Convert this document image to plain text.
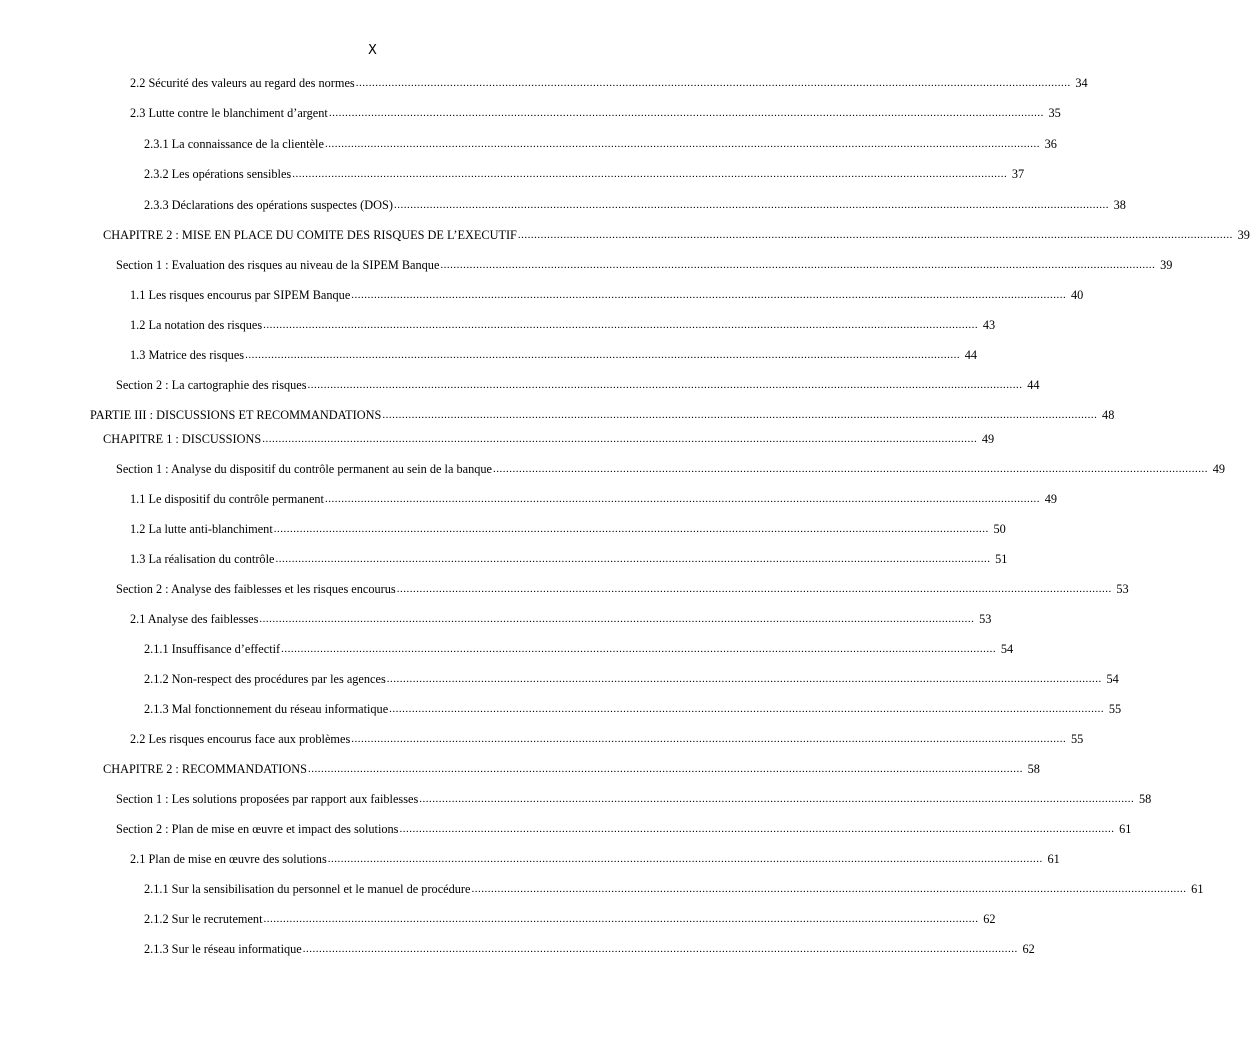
X
2.2 Sécurité des valeurs au regard des normes ............................................................................................................................................................................................................................ 34
2.3 Lutte contre le blanchiment d’argent ............................................................................................................................................................................................................................ 35
2.3.1 La connaissance de la clientèle ............................................................................................................................................................................................................................ 36
2.3.2 Les opérations sensibles ............................................................................................................................................................................................................................ 37
2.3.3 Déclarations des opérations suspectes (DOS) ............................................................................................................................................................................................................................ 38
CHAPITRE 2 : MISE EN PLACE DU COMITE DES RISQUES DE L’EXECUTIF ............................................................................................................................................................................................................................ 39
Section 1 : Evaluation des risques au niveau de la SIPEM Banque ............................................................................................................................................................................................................................ 39
1.1 Les risques encourus par SIPEM Banque ............................................................................................................................................................................................................................ 40
1.2 La notation des risques ............................................................................................................................................................................................................................ 43
1.3 Matrice des risques ............................................................................................................................................................................................................................ 44
Section 2 : La cartographie des risques ............................................................................................................................................................................................................................ 44
PARTIE III : DISCUSSIONS ET RECOMMANDATIONS ............................................................................................................................................................................................................................ 48
CHAPITRE 1 : DISCUSSIONS ............................................................................................................................................................................................................................ 49
Section 1 : Analyse du dispositif du contrôle permanent au sein de la banque ............................................................................................................................................................................................................................ 49
1.1 Le dispositif du contrôle permanent ............................................................................................................................................................................................................................ 49
1.2 La lutte anti-blanchiment ............................................................................................................................................................................................................................ 50
1.3 La réalisation du contrôle ............................................................................................................................................................................................................................ 51
Section 2 : Analyse des faiblesses et les risques encourus ............................................................................................................................................................................................................................ 53
2.1 Analyse des faiblesses ............................................................................................................................................................................................................................ 53
2.1.1 Insuffisance d’effectif ............................................................................................................................................................................................................................ 54
2.1.2 Non-respect des procédures par les agences ............................................................................................................................................................................................................................ 54
2.1.3 Mal fonctionnement du réseau informatique ............................................................................................................................................................................................................................ 55
2.2 Les risques encourus face aux problèmes ............................................................................................................................................................................................................................ 55
CHAPITRE 2 : RECOMMANDATIONS ............................................................................................................................................................................................................................ 58
Section 1 : Les solutions proposées par rapport aux faiblesses ............................................................................................................................................................................................................................ 58
Section 2 : Plan de mise en œuvre et impact des solutions ............................................................................................................................................................................................................................ 61
2.1 Plan de mise en œuvre des solutions ............................................................................................................................................................................................................................ 61
2.1.1 Sur la sensibilisation du personnel et le manuel de procédure ............................................................................................................................................................................................................................ 61
2.1.2 Sur le recrutement ............................................................................................................................................................................................................................ 62
2.1.3 Sur le réseau informatique ............................................................................................................................................................................................................................ 62
